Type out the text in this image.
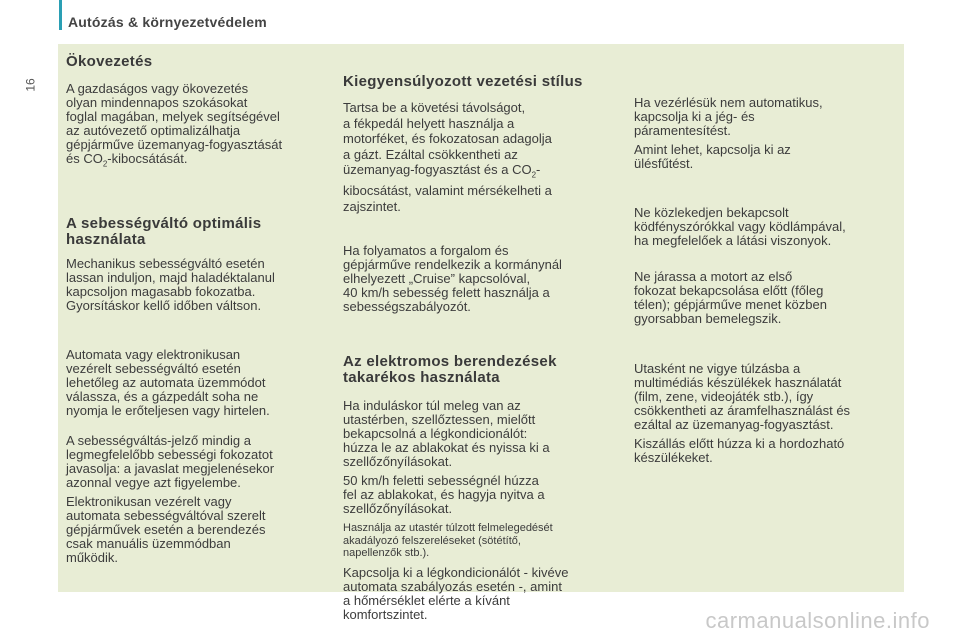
Autózás & környezetvédelem
16
Ökovezetés

A gazdaságos vagy ökovezetés
olyan mindennapos szokásokat
foglal magában, melyek segítségével
az autóvezető optimalizálhatja
gépjárműve üzemanyag-fogyasztását
és $CO_2$-kibocsátását.

A sebességváltó optimális
használata

Mechanikus sebességváltó esetén
lassan induljon, majd haladéktalanul
kapcsoljon magasabb fokozatba.
Gyorsításkor kellő időben váltson.

Automata vagy elektronikusan
vezérelt sebességváltó esetén
lehetőleg az automata üzemmódot
válassza, és a gázpedált soha ne
nyomja le erőteljesen vagy hirtelen.

A sebességváltás-jelző mindig a
legmegfelelőbb sebességi fokozatot
javasolja: a javaslat megjelenésekor
azonnal vegye azt figyelembe.

Elektronikusan vezérelt vagy
automata sebességváltóval szerelt
gépjárművek esetén a berendezés
csak manuális üzemmódban
működik.

Kiegyensúlyozott vezetési stílus

Tartsa be a követési távolságot,
a fékpedál helyett használja a
motorféket, és fokozatosan adagolja
a gázt. Ezáltal csökkentheti az
üzemanyag-fogyasztást és a $CO_2-$
kibocsátást, valamint mérsékelheti a
zajszintet.

Ha folyamatos a forgalom és
gépjárműve rendelkezik a kormánynál
elhelyezett „Cruise” kapcsolóval,
40 km/h sebesség felett használja a
sebességszabályozót.

Az elektromos berendezések
takarékos használata

Ha induláskor túl meleg van az
utastérben, szellőztessen, mielőtt
bekapcsolná a légkondicionálót:
húzza le az ablakokat és nyissa ki a
szellőzőnyílásokat.

50 km/h feletti sebességnél húzza
fel az ablakokat, és hagyja nyitva a
szellőzőnyílásokat.

Használja az utastér túlzott felmelegedését
akadályozó felszereléseket (sötétítő,
napellenzők stb.).

Kapcsolja ki a légkondicionálót - kivéve
automata szabályozás esetén -, amint
a hőmérséklet elérte a kívánt
komfortszintet.

Ha vezérlésük nem automatikus,
kapcsolja ki a jég- és
páramentesítést.

Amint lehet, kapcsolja ki az
ülésfűtést.

Ne közlekedjen bekapcsolt
ködfényszórókkal vagy ködlámpával,
ha megfelelőek a látási viszonyok.

Ne járassa a motort az első
fokozat bekapcsolása előtt (főleg
télen); gépjárműve menet közben
gyorsabban bemelegszik.

Utasként ne vigye túlzásba a
multimédiás készülékek használatát
(film, zene, videojáték stb.), így
csökkentheti az áramfelhasználást és
ezáltal az üzemanyag-fogyasztást.

Kiszállás előtt húzza ki a hordozható
készülékeket.

carmanualsonline.info
